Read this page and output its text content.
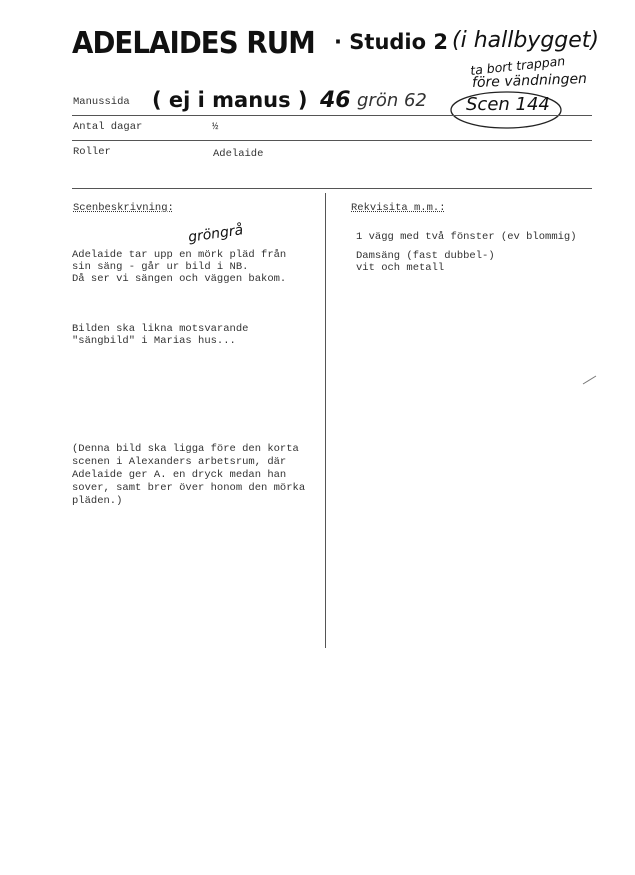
ADELAIDES RUM · Studio 2 (i hallbygget)
ta bort trappan
före vändningen
Manussida ( ej i manus ) 46 grön 62 Scen 144
Antal dagar	½
Roller	Adelaide
Scenbeskrivning:
gröngrå
Adelaide tar upp en mörk pläd från
sin säng - går ur bild i NB.
Då ser vi sängen och väggen bakom.
Bilden ska likna motsvarande
"sängbild" i Marias hus...
(Denna bild ska ligga före den korta
scenen i Alexanders arbetsrum, där
Adelaide ger A. en dryck medan han
sover, samt brer över honom den mörka
pläden.)
Rekvisita m.m.:
1 vägg med två fönster (ev blommig)
Damsäng (fast dubbel-)
vit och metall
